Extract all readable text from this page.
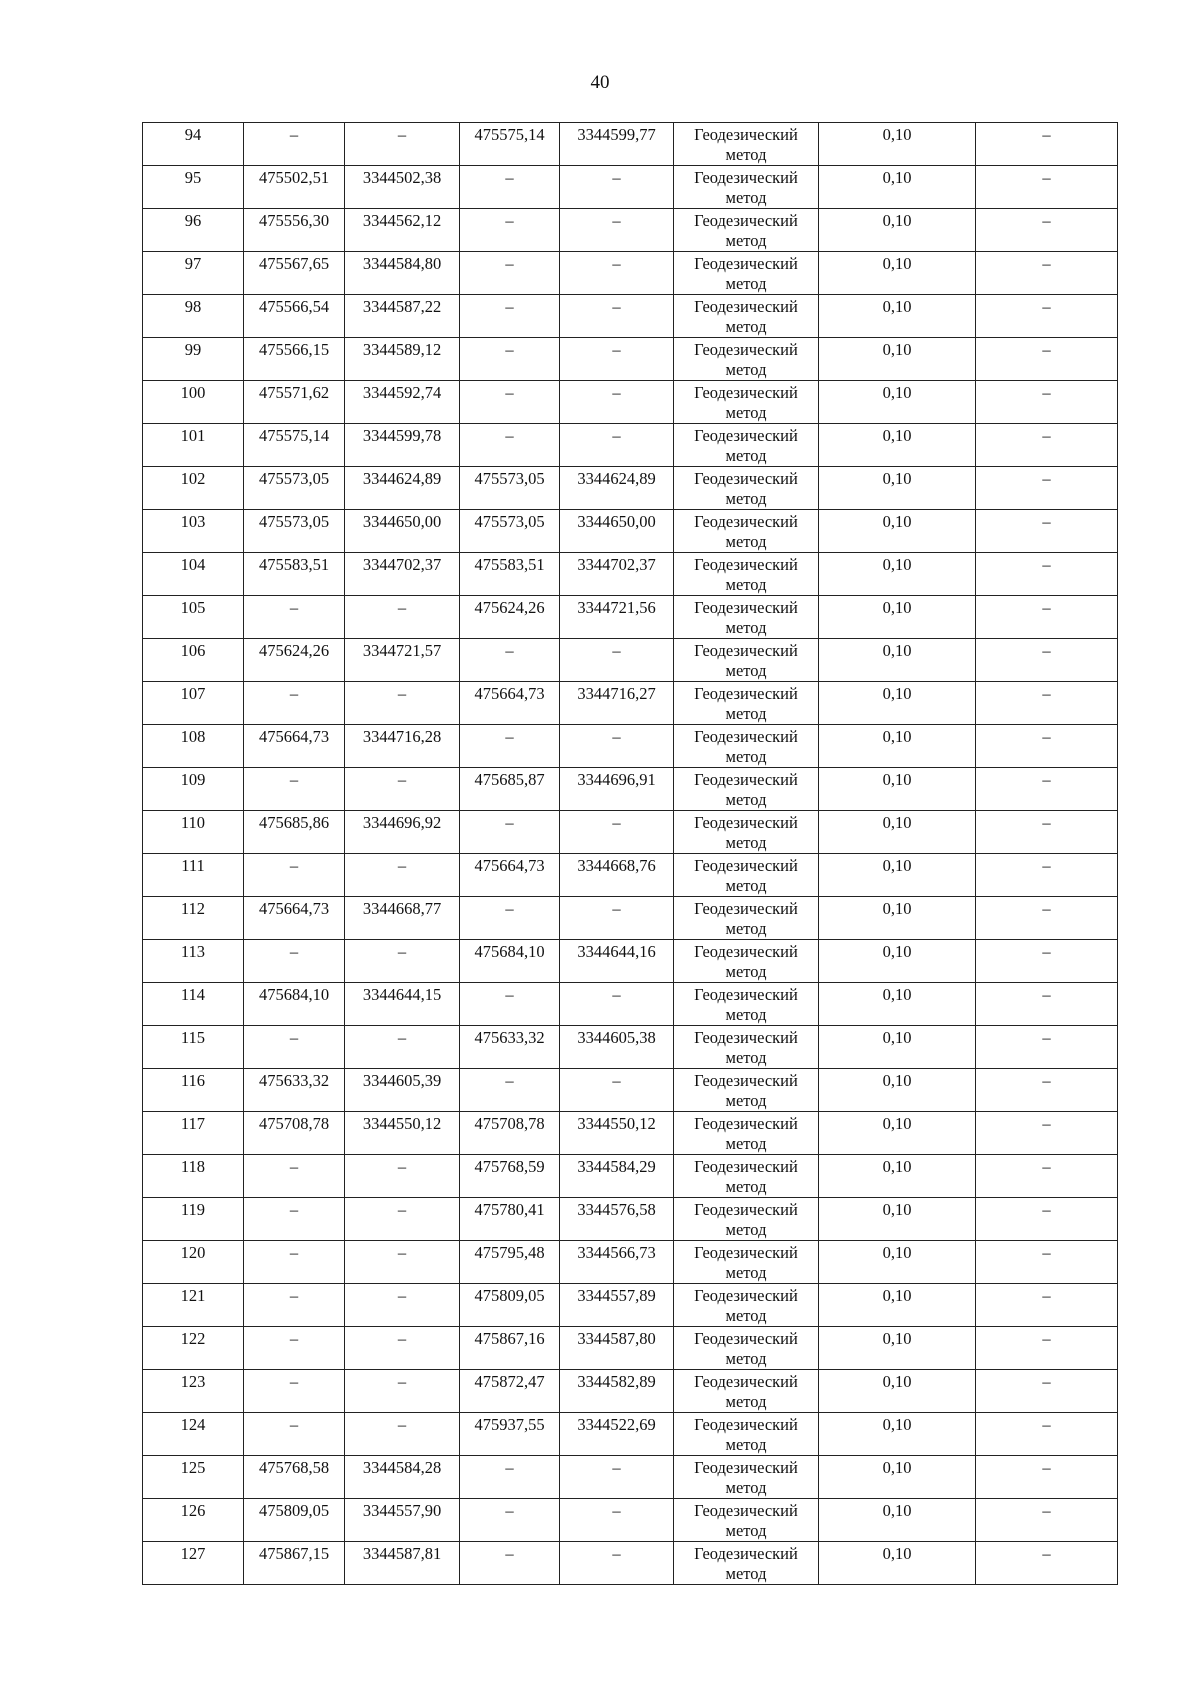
40
94	–	–	475575,14	3344599,77	Геодезический метод	0,10	–

95	475502,51	3344502,38	–	–	Геодезический метод	0,10	–

96	475556,30	3344562,12	–	–	Геодезический метод	0,10	–

97	475567,65	3344584,80	–	–	Геодезический метод	0,10	–

98	475566,54	3344587,22	–	–	Геодезический метод	0,10	–

99	475566,15	3344589,12	–	–	Геодезический метод	0,10	–

100	475571,62	3344592,74	–	–	Геодезический метод	0,10	–

101	475575,14	3344599,78	–	–	Геодезический метод	0,10	–

102	475573,05	3344624,89	475573,05	3344624,89	Геодезический метод	0,10	–

103	475573,05	3344650,00	475573,05	3344650,00	Геодезический метод	0,10	–

104	475583,51	3344702,37	475583,51	3344702,37	Геодезический метод	0,10	–

105	–	–	475624,26	3344721,56	Геодезический метод	0,10	–

106	475624,26	3344721,57	–	–	Геодезический метод	0,10	–

107	–	–	475664,73	3344716,27	Геодезический метод	0,10	–

108	475664,73	3344716,28	–	–	Геодезический метод	0,10	–

109	–	–	475685,87	3344696,91	Геодезический метод	0,10	–

110	475685,86	3344696,92	–	–	Геодезический метод	0,10	–

111	–	–	475664,73	3344668,76	Геодезический метод	0,10	–

112	475664,73	3344668,77	–	–	Геодезический метод	0,10	–

113	–	–	475684,10	3344644,16	Геодезический метод	0,10	–

114	475684,10	3344644,15	–	–	Геодезический метод	0,10	–

115	–	–	475633,32	3344605,38	Геодезический метод	0,10	–

116	475633,32	3344605,39	–	–	Геодезический метод	0,10	–

117	475708,78	3344550,12	475708,78	3344550,12	Геодезический метод	0,10	–

118	–	–	475768,59	3344584,29	Геодезический метод	0,10	–

119	–	–	475780,41	3344576,58	Геодезический метод	0,10	–

120	–	–	475795,48	3344566,73	Геодезический метод	0,10	–

121	–	–	475809,05	3344557,89	Геодезический метод	0,10	–

122	–	–	475867,16	3344587,80	Геодезический метод	0,10	–

123	–	–	475872,47	3344582,89	Геодезический метод	0,10	–

124	–	–	475937,55	3344522,69	Геодезический метод	0,10	–

125	475768,58	3344584,28	–	–	Геодезический метод	0,10	–

126	475809,05	3344557,90	–	–	Геодезический метод	0,10	–

127	475867,15	3344587,81	–	–	Геодезический метод	0,10	–
